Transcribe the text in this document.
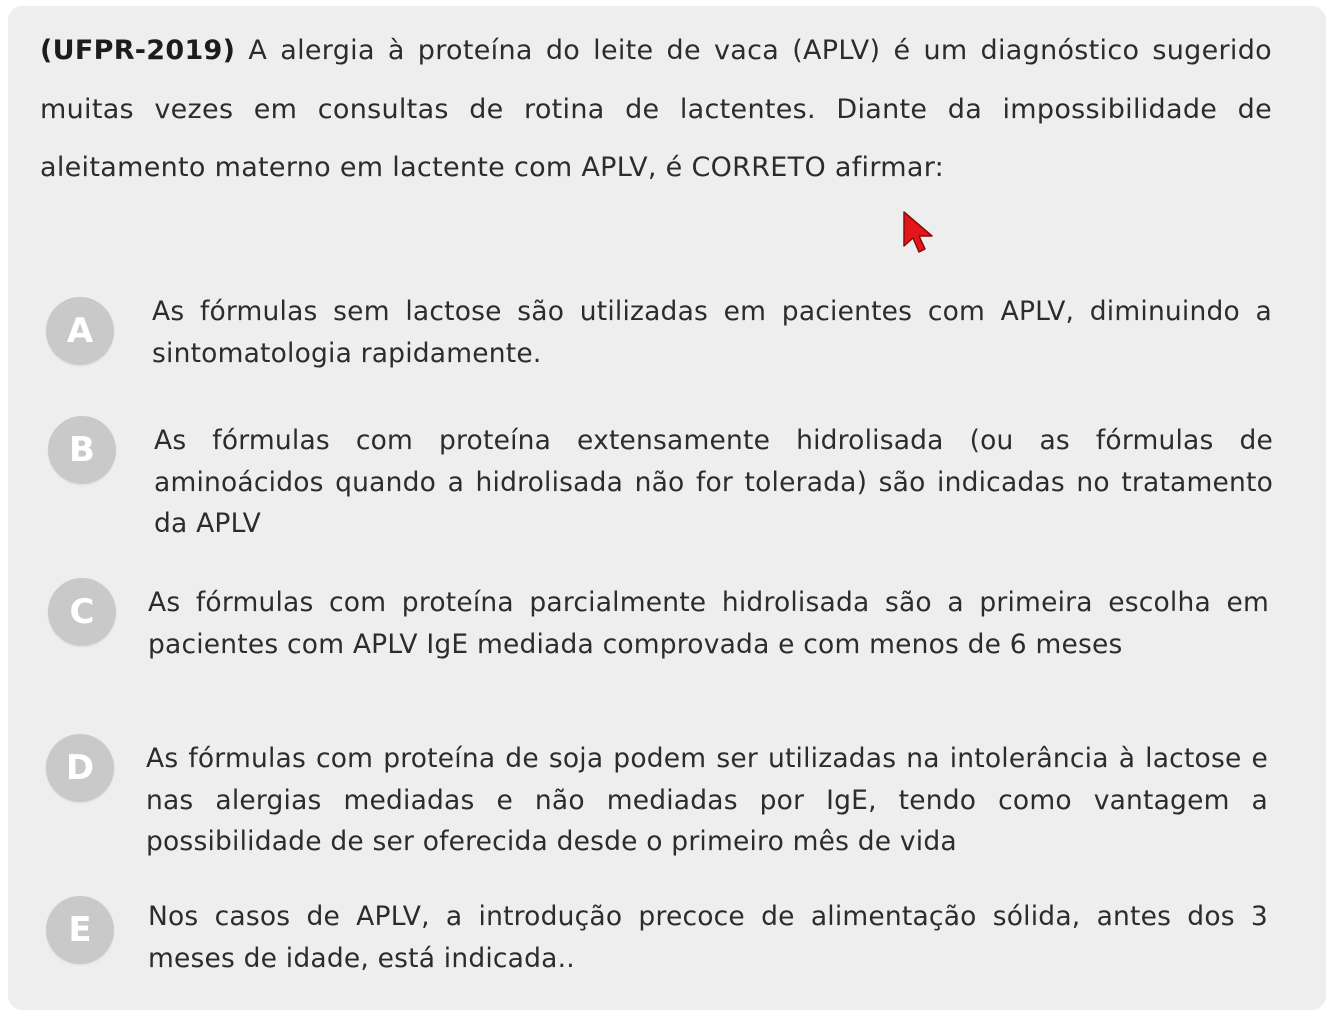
(UFPR-2019) A alergia à proteína do leite de vaca (APLV) é um diagnóstico sugerido muitas vezes em consultas de rotina de lactentes. Diante da impossibilidade de aleitamento materno em lactente com APLV, é CORRETO afirmar:
A	As fórmulas sem lactose são utilizadas em pacientes com APLV, diminuindo a sintomatologia rapidamente.
B	As fórmulas com proteína extensamente hidrolisada (ou as fórmulas de aminoácidos quando a hidrolisada não for tolerada) são indicadas no tratamento da APLV
C	As fórmulas com proteína parcialmente hidrolisada são a primeira escolha em pacientes com APLV IgE mediada comprovada e com menos de 6 meses
D	As fórmulas com proteína de soja podem ser utilizadas na intolerância à lactose e nas alergias mediadas e não mediadas por IgE, tendo como vantagem a possibilidade de ser oferecida desde o primeiro mês de vida
E	Nos casos de APLV, a introdução precoce de alimentação sólida, antes dos 3 meses de idade, está indicada..
